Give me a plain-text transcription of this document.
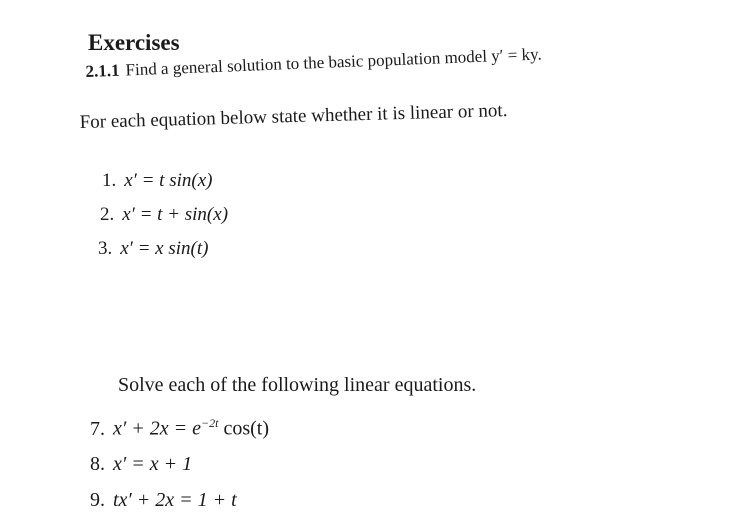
Exercises
2.1.1 Find a general solution to the basic population model y′ = ky.
For each equation below state whether it is linear or not.
1. x′ = t sin(x)
2. x′ = t + sin(x)
3. x′ = x sin(t)
Solve each of the following linear equations.
7. $x' + 2x = e^{-2t}$ cos(t)
8. x′ = x + 1
9. tx′ + 2x = 1 + t
